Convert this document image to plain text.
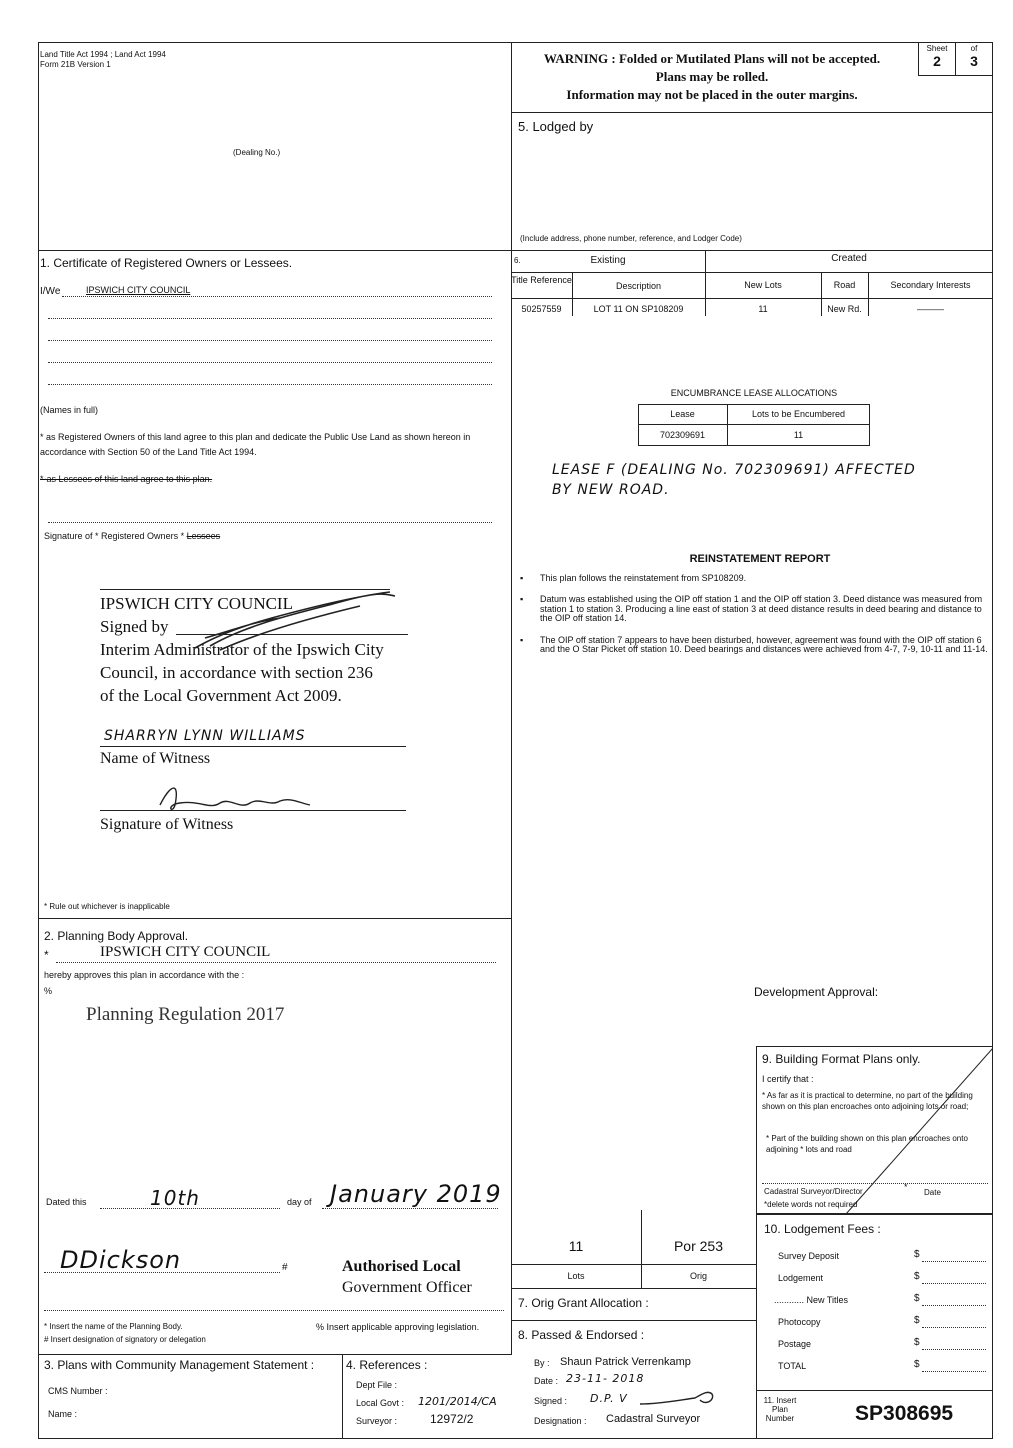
Land Title Act 1994 ; Land Act 1994
Form 21B Version 1
(Dealing No.)
WARNING : Folded or Mutilated Plans will not be accepted.
Plans may be rolled.
Information may not be placed in the outer margins.
Sheet
2
of
3
5. Lodged by
(Include address, phone number, reference, and Lodger Code)
1. Certificate of Registered Owners or Lessees.
I/We	IPSWICH CITY COUNCIL
(Names in full)
* as Registered Owners of this land agree to this plan and dedicate the Public Use Land as shown hereon in accordance with Section 50 of the Land Title Act 1994.
*-as Lessees of this land agree to this plan.
Signature of * Registered Owners * Lessees
IPSWICH CITY COUNCIL
Signed by
Interim Administrator of the Ipswich City
Council, in accordance with section 236
of the Local Government Act 2009.
SHARRYN LYNN WILLIAMS
Name of Witness
Signature of Witness
* Rule out whichever is inapplicable
6.	Existing	Created
Title Reference
Description	New Lots	Road	Secondary Interests
50257559	LOT 11 ON SP108209	11	New Rd.	———
ENCUMBRANCE LEASE ALLOCATIONS
Lease	Lots to be Encumbered
702309691	11
LEASE F (DEALING No. 702309691) AFFECTED
BY NEW ROAD.
REINSTATEMENT REPORT
▪ This plan follows the reinstatement from SP108209.
▪ Datum was established using the OIP off station 1 and the OIP off station 3. Deed distance was measured from station 1 to station 3. Producing a line east of station 3 at deed distance results in deed bearing and distance to the OIP off station 14.
▪ The OIP off station 7 appears to have been disturbed, however, agreement was found with the OIP off station 6 and the O Star Picket off station 10. Deed bearings and distances were achieved from 4-7, 7-9, 10-11 and 11-14.
2. Planning Body Approval.
*	IPSWICH CITY COUNCIL
hereby approves this plan in accordance with the :
%
Planning Regulation 2017
Dated this	10th	day of January 2019
DDickson	#	Authorised Local
Government Officer
* Insert the name of the Planning Body.
# Insert designation of signatory or delegation
% Insert applicable approving legislation.
Development Approval:
9. Building Format Plans only.
I certify that :
* As far as it is practical to determine, no part of the building shown on this plan encroaches onto adjoining lots or road;
* Part of the building shown on this plan encroaches onto adjoining * lots and road
Cadastral Surveyor/Director	*
Date
*delete words not required
11	Por 253
Lots	Orig
7. Orig Grant Allocation :
8. Passed & Endorsed :
By : Shaun Patrick Verrenkamp
Date : 23-11- 2018
Signed : D.P. V
Designation : Cadastral Surveyor
10. Lodgement Fees :
Survey Deposit	$
Lodgement	$
............ New Titles	$
Photocopy	$
Postage	$
TOTAL	$
11. Insert
Plan
Number	SP308695
3. Plans with Community Management Statement :
CMS Number :
Name :
4. References :
Dept File :
Local Govt : 1201/2014/CA
Surveyor :	12972/2
